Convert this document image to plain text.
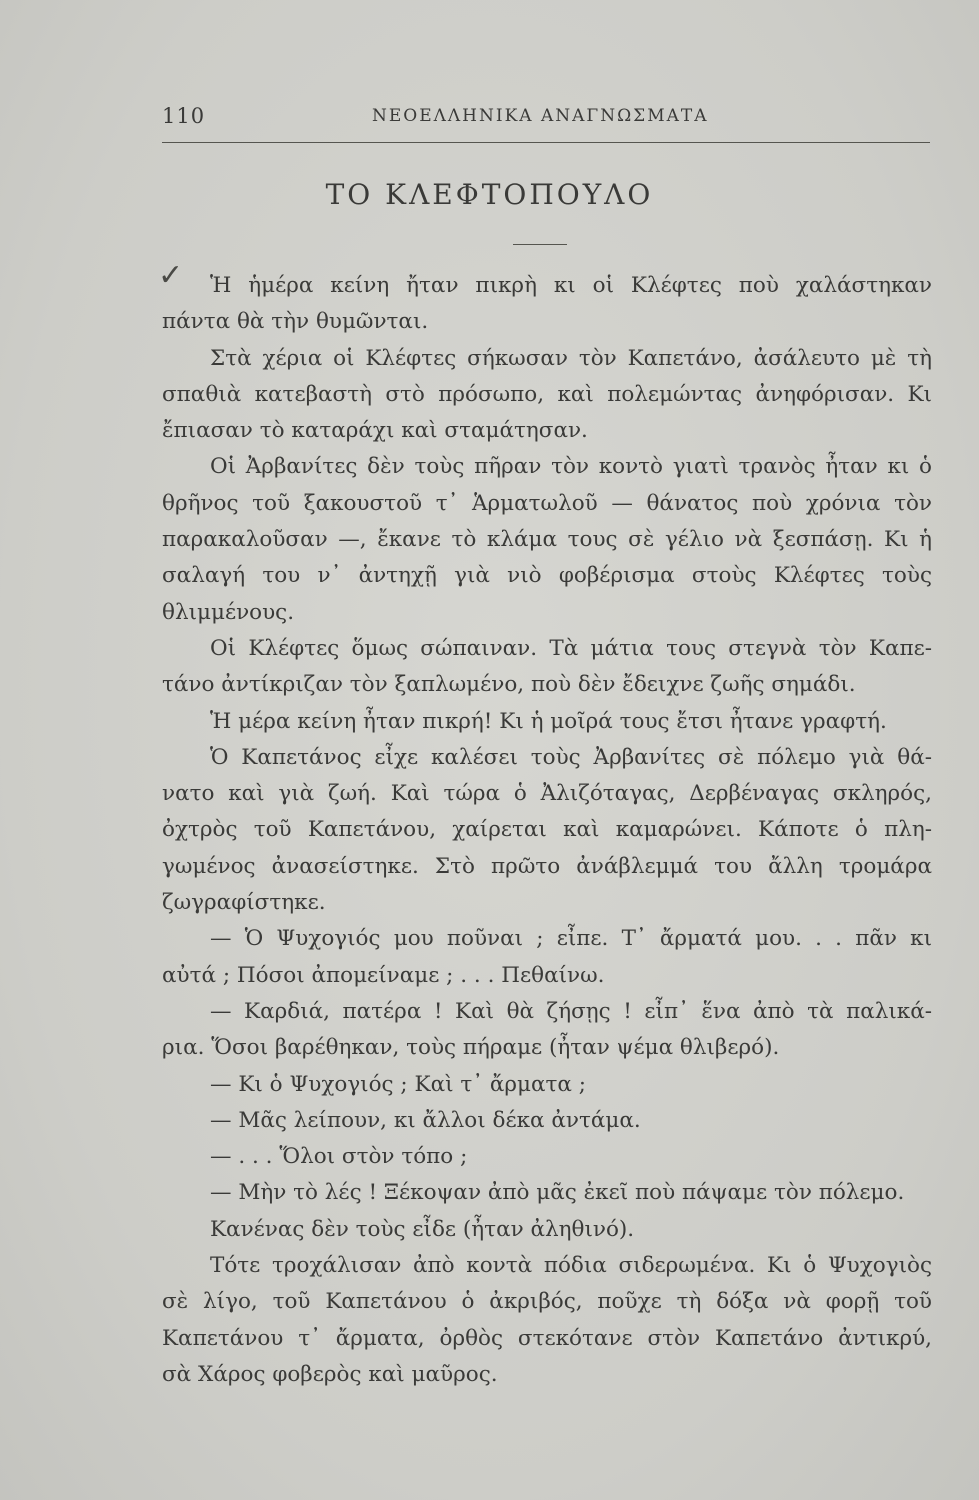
110	ΝΕΟΕΛΛΗΝΙΚΑ ΑΝΑΓΝΩΣΜΑΤΑ
ΤΟ ΚΛΕΦΤΟΠΟΥΛΟ
✓	Ἡ ἡμέρα κείνη ἤταν πικρὴ κι οἱ Κλέφτες ποὺ χαλάστηκαν
πάντα θὰ τὴν θυμῶνται.
Στὰ χέρια οἱ Κλέφτες σήκωσαν τὸν Καπετάνο, ἀσάλευτο μὲ τὴ
σπαθιὰ κατεβαστὴ στὸ πρόσωπο, καὶ πολεμώντας ἀνηφόρισαν. Κι
ἔπιασαν τὸ καταράχι καὶ σταμάτησαν.
Οἱ Ἀρβανίτες δὲν τοὺς πῆραν τὸν κοντὸ γιατὶ τρανὸς ἦταν κι ὁ
θρῆνος τοῦ ξακουστοῦ τ᾿ Ἁρματωλοῦ — θάνατος ποὺ χρόνια τὸν
παρακαλοῦσαν —, ἔκανε τὸ κλάμα τους σὲ γέλιο νὰ ξεσπάσῃ. Κι ἡ
σαλαγή του ν᾿ ἀντηχῇ γιὰ νιὸ φοβέρισμα στοὺς Κλέφτες τοὺς
θλιμμένους.
Οἱ Κλέφτες ὅμως σώπαιναν. Τὰ μάτια τους στεγνὰ τὸν Καπε-
τάνο ἀντίκριζαν τὸν ξαπλωμένο, ποὺ δὲν ἔδειχνε ζωῆς σημάδι.
Ἡ μέρα κείνη ἦταν πικρή! Κι ἡ μοῖρά τους ἔτσι ἦτανε γραφτή.
Ὁ Καπετάνος εἶχε καλέσει τοὺς Ἀρβανίτες σὲ πόλεμο γιὰ θά-
νατο καὶ γιὰ ζωή. Καὶ τώρα ὁ Ἀλιζόταγας, Δερβέναγας σκληρός,
ὀχτρὸς τοῦ Καπετάνου, χαίρεται καὶ καμαρώνει. Κάποτε ὁ πλη-
γωμένος ἀνασείστηκε. Στὸ πρῶτο ἀνάβλεμμά του ἄλλη τρομάρα
ζωγραφίστηκε.
— Ὁ Ψυχογιός μου ποῦναι ; εἶπε. Τ᾿ ἄρματά μου. . . πᾶν κι
αὐτά ; Πόσοι ἀπομείναμε ; . . . Πεθαίνω.
— Καρδιά, πατέρα ! Καὶ θὰ ζήσῃς ! εἶπ᾿ ἕνα ἀπὸ τὰ παλικά-
ρια. Ὅσοι βαρέθηκαν, τοὺς πήραμε (ἦταν ψέμα θλιβερό).
— Κι ὁ Ψυχογιός ; Καὶ τ᾿ ἄρματα ;
— Μᾶς λείπουν, κι ἄλλοι δέκα ἀντάμα.
— . . . Ὅλοι στὸν τόπο ;
— Μὴν τὸ λές ! Ξέκοψαν ἀπὸ μᾶς ἐκεῖ ποὺ πάψαμε τὸν πόλεμο.
Κανένας δὲν τοὺς εἶδε (ἦταν ἀληθινό).
Τότε τροχάλισαν ἀπὸ κοντὰ πόδια σιδερωμένα. Κι ὁ Ψυχογιὸς
σὲ λίγο, τοῦ Καπετάνου ὁ ἀκριβός, ποῦχε τὴ δόξα νὰ φορῇ τοῦ
Καπετάνου τ᾿ ἄρματα, ὀρθὸς στεκότανε στὸν Καπετάνο ἀντικρύ,
σὰ Χάρος φοβερὸς καὶ μαῦρος.
